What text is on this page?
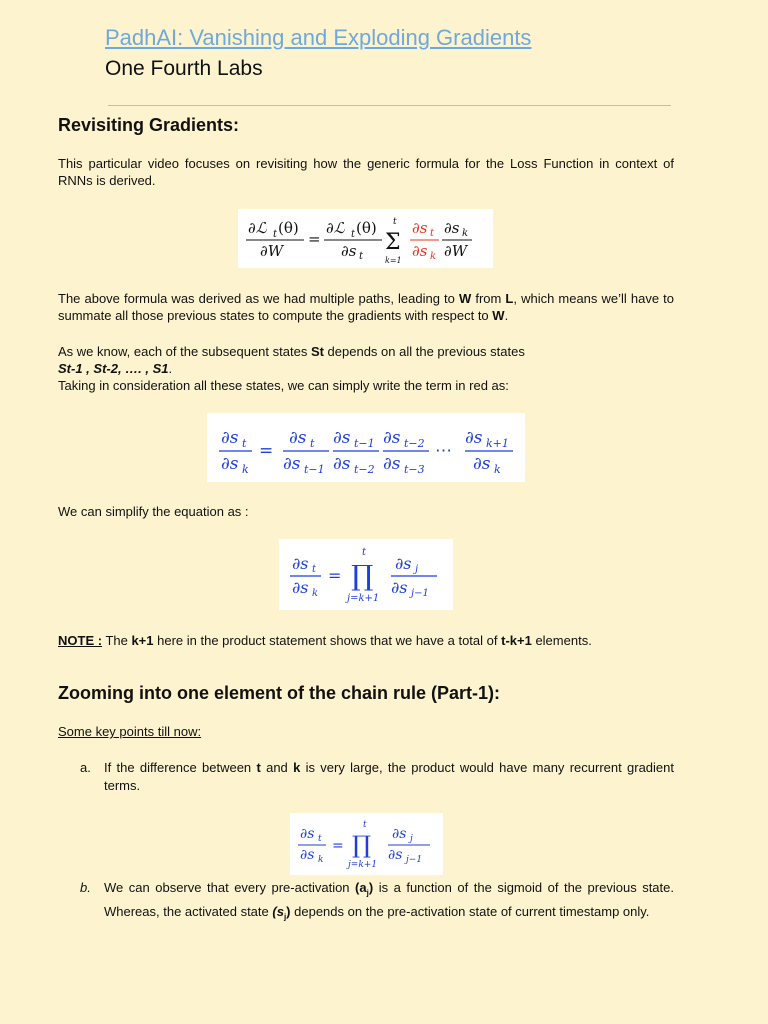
PadhAI: Vanishing and Exploding Gradients
One Fourth Labs
Revisiting Gradients:
This particular video focuses on revisiting how the generic formula for the Loss Function in context of RNNs is derived.
∂ℒ t (θ)
∂W
=
∂ℒ t (θ)
∂s t
t
Σ
k=1
∂s t
∂s k
∂s k
∂W
The above formula was derived as we had multiple paths, leading to W from L, which means we’ll have to summate all those previous states to compute the gradients with respect to W.
As we know, each of the subsequent states St depends on all the previous states
St-1 , St-2, …. , S1.
Taking in consideration all these states, we can simply write the term in red as:
∂s t
∂s k
=
∂s t
∂s t−1
∂s t−1
∂s t−2
∂s t−2
∂s t−3
⋯
∂s k+1
∂s k
We can simplify the equation as :
∂s t
∂s k
=
t
∏
j=k+1
∂s j
∂s j−1
NOTE : The k+1 here in the product statement shows that we have a total of t-k+1 elements.
Zooming into one element of the chain rule (Part-1):
Some key points till now:
a. If the difference between t and k is very large, the product would have many recurrent gradient terms.
∂s t
∂s k
=
t
∏
j=k+1
∂s j
∂s j−1
b. We can observe that every pre-activation $(a_j)$ is a function of the sigmoid of the previous state. Whereas, the activated state $(s_j)$ depends on the pre-activation state of current timestamp only.
